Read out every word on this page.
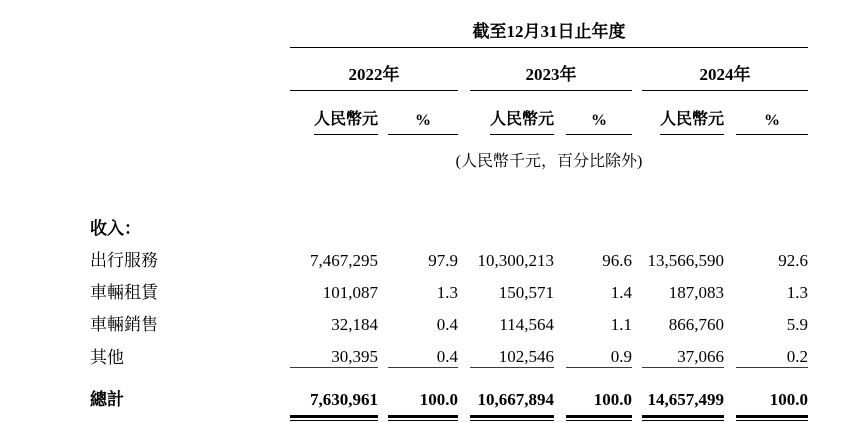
	截至12月31日止年度										
	2022年				2023年				2024年		
	人民幣元		%		人民幣元		%		人民幣元		%
	(人民幣千元，百分比除外)										

收入：											
出行服務	7,467,295		97.9		10,300,213		96.6		13,566,590		92.6
車輛租賃	101,087		1.3		150,571		1.4		187,083		1.3
車輛銷售	32,184		0.4		114,564		1.1		866,760		5.9
其他	30,395		0.4		102,546		0.9		37,066		0.2
總計	7,630,961		100.0		10,667,894		100.0		14,657,499		100.0
